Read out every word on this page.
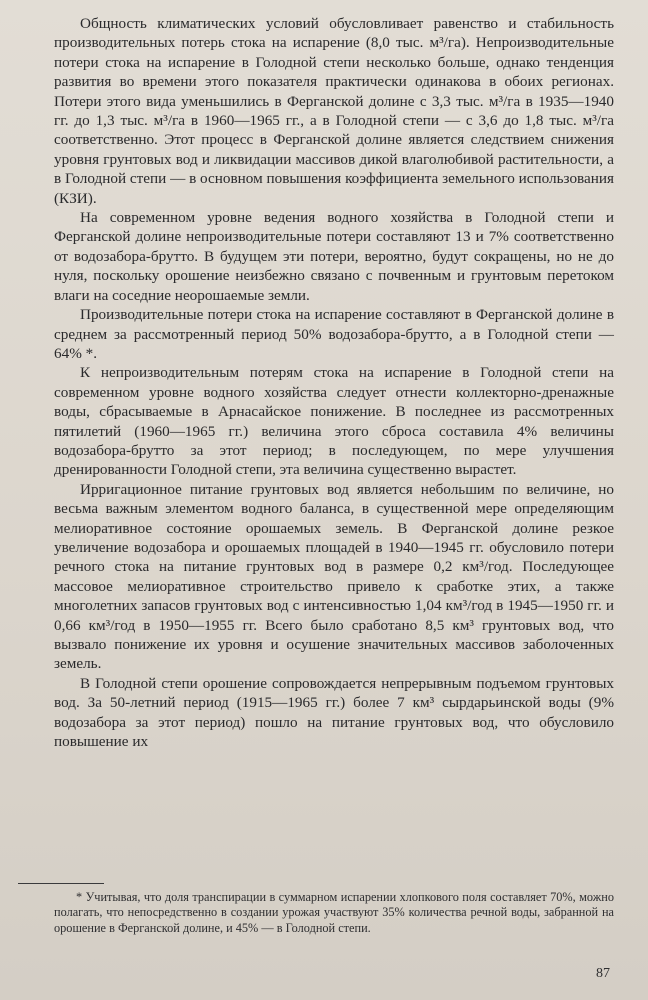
Общность климатических условий обусловливает равенство и стабильность производительных потерь стока на испарение (8,0 тыс. м³/га). Непроизводительные потери стока на испарение в Голодной степи несколько больше, однако тенденция развития во времени этого показателя практически одинакова в обоих регионах. Потери этого вида уменьшились в Ферганской долине с 3,3 тыс. м³/га в 1935—1940 гг. до 1,3 тыс. м³/га в 1960—1965 гг., а в Голодной степи — с 3,6 до 1,8 тыс. м³/га соответственно. Этот процесс в Ферганской долине является следствием снижения уровня грунтовых вод и ликвидации массивов дикой влаголюбивой растительности, а в Голодной степи — в основном повышения коэффициента земельного использования (КЗИ).

На современном уровне ведения водного хозяйства в Голодной степи и Ферганской долине непроизводительные потери составляют 13 и 7% соответственно от водозабора-брутто. В будущем эти потери, вероятно, будут сокращены, но не до нуля, поскольку орошение неизбежно связано с почвенным и грунтовым перетоком влаги на соседние неорошаемые земли.

Производительные потери стока на испарение составляют в Ферганской долине в среднем за рассмотренный период 50% водозабора-брутто, а в Голодной степи — 64% *.

К непроизводительным потерям стока на испарение в Голодной степи на современном уровне водного хозяйства следует отнести коллекторно-дренажные воды, сбрасываемые в Арнасайское понижение. В последнее из рассмотренных пятилетий (1960—1965 гг.) величина этого сброса составила 4% величины водозабора-брутто за этот период; в последующем, по мере улучшения дренированности Голодной степи, эта величина существенно вырастет.

Ирригационное питание грунтовых вод является небольшим по величине, но весьма важным элементом водного баланса, в существенной мере определяющим мелиоративное состояние орошаемых земель. В Ферганской долине резкое увеличение водозабора и орошаемых площадей в 1940—1945 гг. обусловило потери речного стока на питание грунтовых вод в размере 0,2 км³/год. Последующее массовое мелиоративное строительство привело к сработке этих, а также многолетних запасов грунтовых вод с интенсивностью 1,04 км³/год в 1945—1950 гг. и 0,66 км³/год в 1950—1955 гг. Всего было сработано 8,5 км³ грунтовых вод, что вызвало понижение их уровня и осушение значительных массивов заболоченных земель.

В Голодной степи орошение сопровождается непрерывным подъемом грунтовых вод. За 50-летний период (1915—1965 гг.) более 7 км³ сырдарьинской воды (9% водозабора за этот период) пошло на питание грунтовых вод, что обусловило повышение их

* Учитывая, что доля транспирации в суммарном испарении хлопкового поля составляет 70%, можно полагать, что непосредственно в создании урожая участвуют 35% количества речной воды, забранной на орошение в Ферганской долине, и 45% — в Голодной степи.

87
